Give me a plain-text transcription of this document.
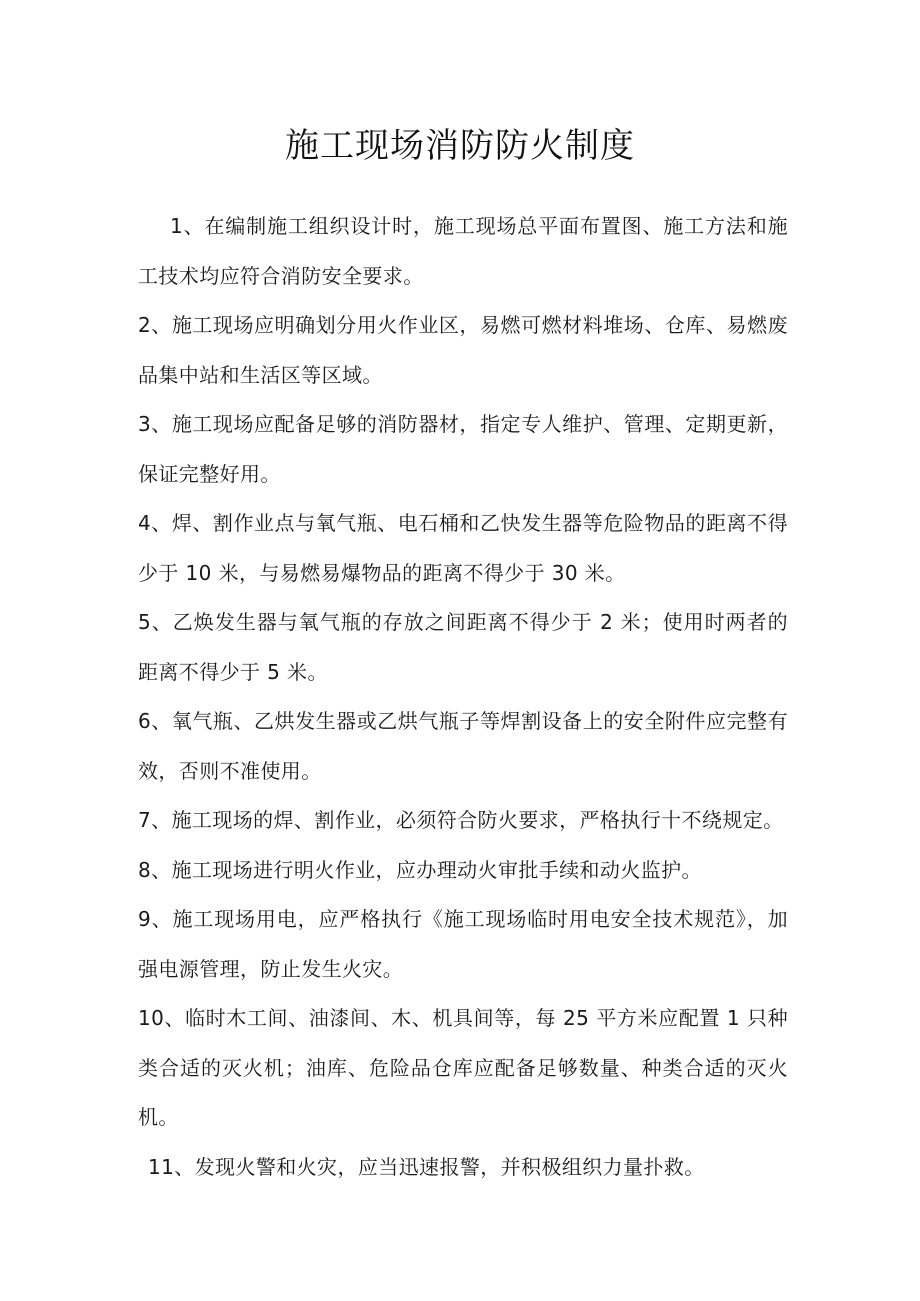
施工现场消防防火制度

1、在编制施工组织设计时，施工现场总平面布置图、施工方法和施工技术均应符合消防安全要求。

2、施工现场应明确划分用火作业区，易燃可燃材料堆场、仓库、易燃废品集中站和生活区等区域。

3、施工现场应配备足够的消防器材，指定专人维护、管理、定期更新，保证完整好用。

4、焊、割作业点与氧气瓶、电石桶和乙快发生器等危险物品的距离不得少于 10 米，与易燃易爆物品的距离不得少于 30 米。

5、乙焕发生器与氧气瓶的存放之间距离不得少于 2 米；使用时两者的距离不得少于 5 米。

6、氧气瓶、乙烘发生器或乙烘气瓶子等焊割设备上的安全附件应完整有效，否则不准使用。

7、施工现场的焊、割作业，必须符合防火要求，严格执行十不绕规定。

8、施工现场进行明火作业，应办理动火审批手续和动火监护。

9、施工现场用电，应严格执行《施工现场临时用电安全技术规范》，加强电源管理，防止发生火灾。

10、临时木工间、油漆间、木、机具间等，每 25 平方米应配置 1 只种类合适的灭火机；油库、危险品仓库应配备足够数量、种类合适的灭火机。

11、发现火警和火灾，应当迅速报警，并积极组织力量扑救。
